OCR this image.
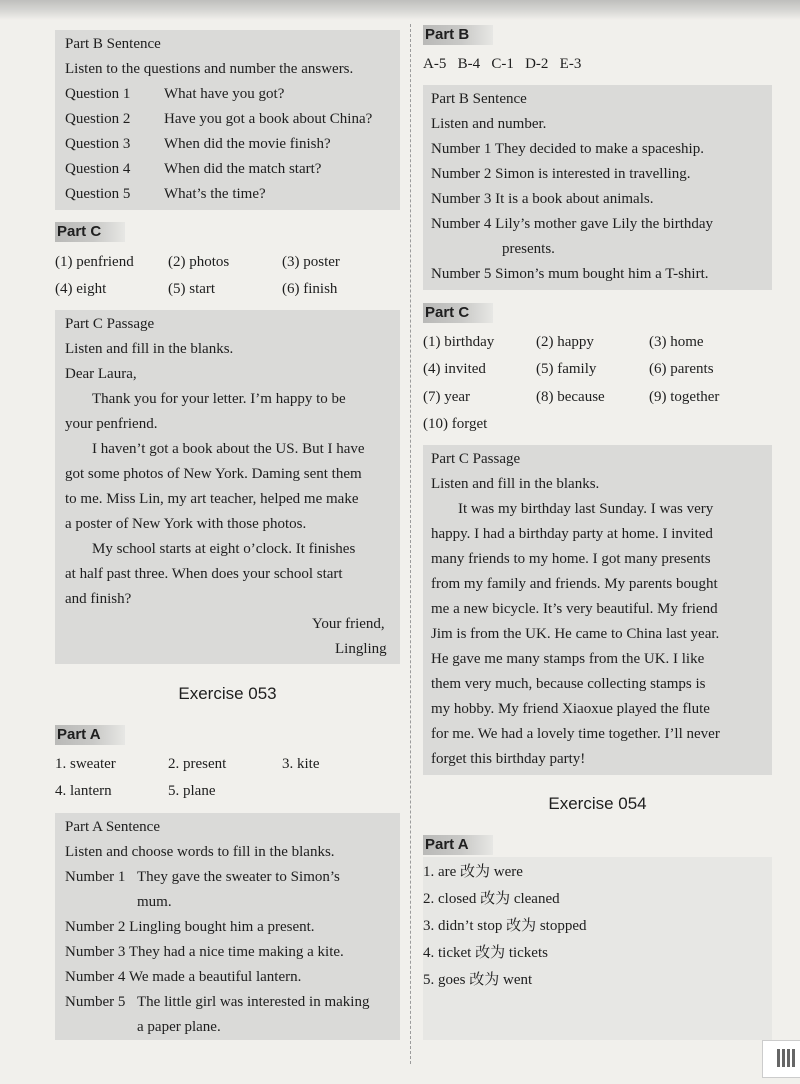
Part B Sentence
Listen to the questions and number the answers.
Question 1	What have you got?
Question 2	Have you got a book about China?
Question 3	When did the movie finish?
Question 4	When did the match start?
Question 5	What’s the time?
Part C
(1) penfriend (2) photos	(3) poster
(4) eight	(5) start	(6) finish
Part C Passage
Listen and fill in the blanks.
Dear Laura,
Thank you for your letter. I’m happy to be
your penfriend.
I haven’t got a book about the US. But I have
got some photos of New York. Daming sent them
to me. Miss Lin, my art teacher, helped me make
a poster of New York with those photos.
My school starts at eight o’clock. It finishes
at half past three. When does your school start
and finish?
Your friend,
Lingling
Exercise 053
Part A
1. sweater	2. present	3. kite
4. lantern	5. plane
Part A Sentence
Listen and choose words to fill in the blanks.
Number 1 They gave the sweater to Simon’s
mum.
Number 2 Lingling bought him a present.
Number 3 They had a nice time making a kite.
Number 4 We made a beautiful lantern.
Number 5 The little girl was interested in making
a paper plane.
Part B
A-5   B-4   C-1   D-2   E-3
Part B Sentence
Listen and number.
Number 1 They decided to make a spaceship.
Number 2 Simon is interested in travelling.
Number 3 It is a book about animals.
Number 4 Lily’s mother gave Lily the birthday
presents.
Number 5 Simon’s mum bought him a T-shirt.
Part C
(1) birthday	(2) happy	(3) home
(4) invited	(5) family	(6) parents
(7) year	(8) because	(9) together
(10) forget
Part C Passage
Listen and fill in the blanks.
It was my birthday last Sunday. I was very
happy. I had a birthday party at home. I invited
many friends to my home. I got many presents
from my family and friends. My parents bought
me a new bicycle. It’s very beautiful. My friend
Jim is from the UK. He came to China last year.
He gave me many stamps from the UK. I like
them very much, because collecting stamps is
my hobby. My friend Xiaoxue played the flute
for me. We had a lovely time together. I’ll never
forget this birthday party!
Exercise 054
Part A
1. are 改为 were
2. closed 改为 cleaned
3. didn’t stop 改为 stopped
4. ticket 改为 tickets
5. goes 改为 went
